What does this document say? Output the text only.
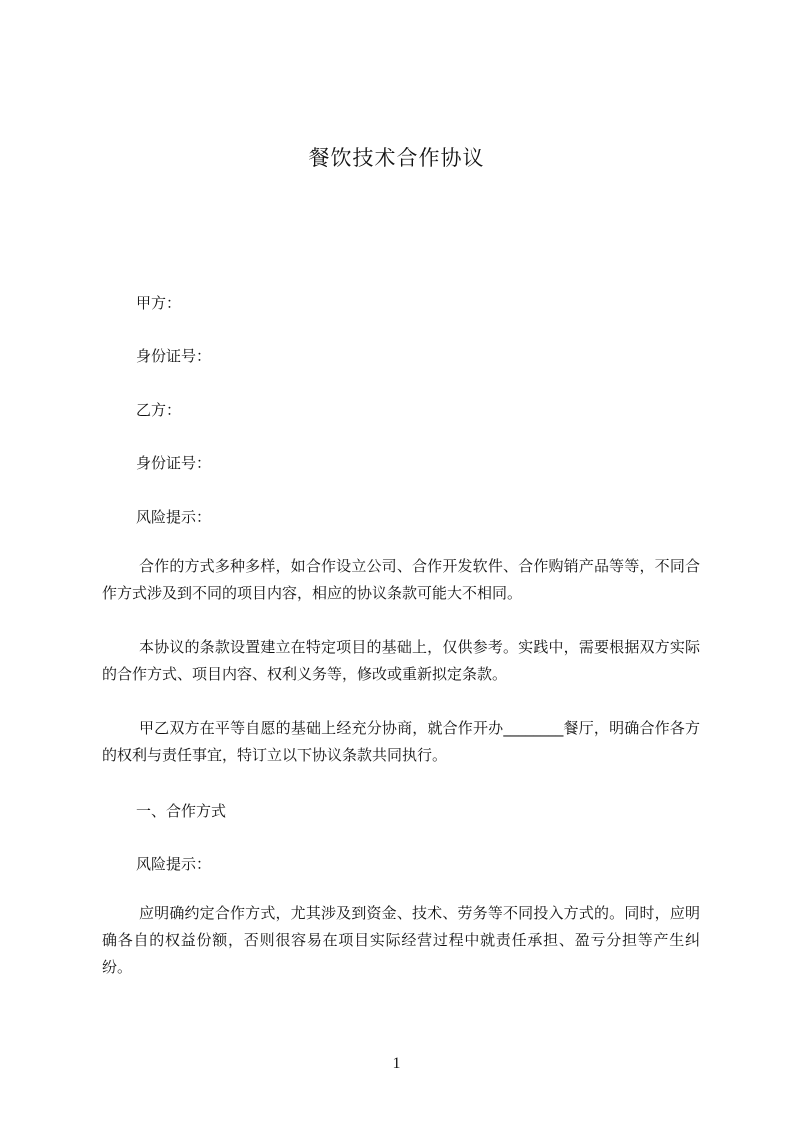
餐饮技术合作协议
甲方：
身份证号：
乙方：
身份证号：
风险提示：
合作的方式多种多样，如合作设立公司、合作开发软件、合作购销产品等等，不同合作方式涉及到不同的项目内容，相应的协议条款可能大不相同。
本协议的条款设置建立在特定项目的基础上，仅供参考。实践中，需要根据双方实际的合作方式、项目内容、权利义务等，修改或重新拟定条款。
甲乙双方在平等自愿的基础上经充分协商，就合作开办________餐厅，明确合作各方的权利与责任事宜，特订立以下协议条款共同执行。
一、合作方式
风险提示：
应明确约定合作方式，尤其涉及到资金、技术、劳务等不同投入方式的。同时，应明确各自的权益份额，否则很容易在项目实际经营过程中就责任承担、盈亏分担等产生纠纷。
1
